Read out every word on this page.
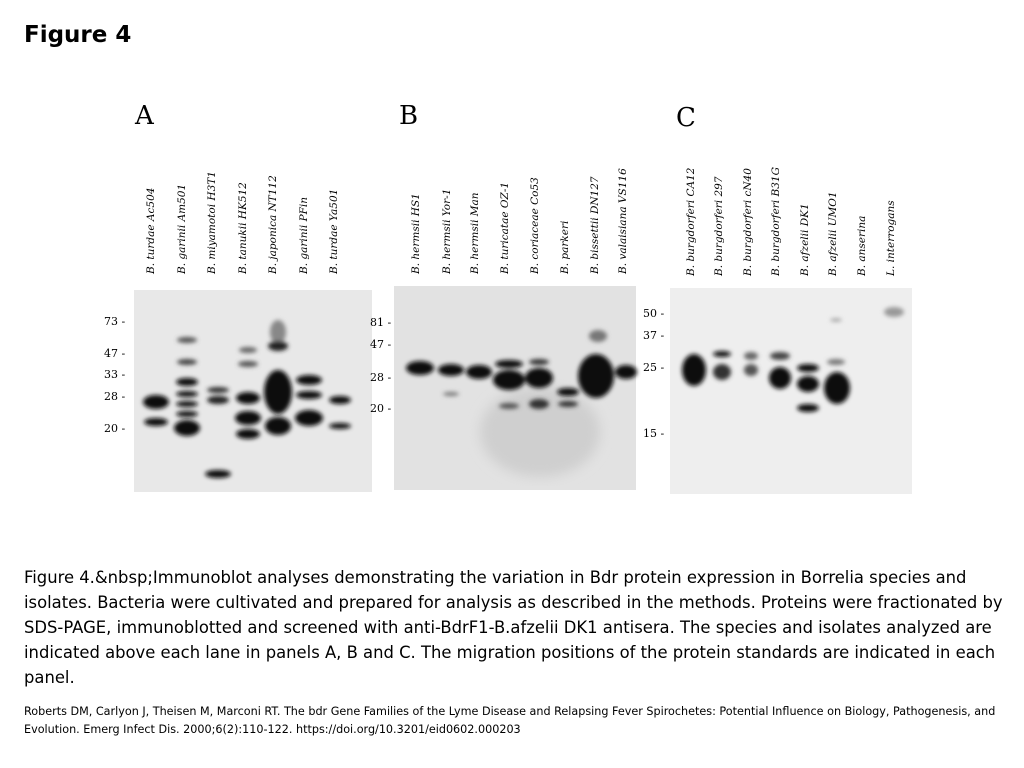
Figure 4
A
B. turdae Ac504 B. garinii Am501 B. miyamotoi H3T1 B. tanukii HK512 B. japonica NT112 B. garinii PFin B. turdae Ya501
73 -
47 -
33 -
28 -
20 -
B
B. hermsii HS1 B. hermsii Yor-1 B. hermsii Man B. turicatae OZ-1 B. coriaceae Co53 B. parkeri B. bissettii DN127 B. valaisiana VS116
81 -
47 -
28 -
20 -
C
B. burgdorferi CA12 B. burgdorferi 297 B. burgdorferi cN40 B. burgdorferi B31G B. afzelii DK1 B. afzelii UMO1 B. anserina L. interrogans
50 -
37 -
25 -
15 -
Figure 4.&nbsp;Immunoblot analyses demonstrating the variation in Bdr protein expression in Borrelia species and isolates. Bacteria were cultivated and prepared for analysis as described in the methods. Proteins were fractionated by SDS-PAGE, immunoblotted and screened with anti-BdrF1-B.afzelii DK1 antisera. The species and isolates analyzed are indicated above each lane in panels A, B and C. The migration positions of the protein standards are indicated in each panel.
Roberts DM, Carlyon J, Theisen M, Marconi RT. The bdr Gene Families of the Lyme Disease and Relapsing Fever Spirochetes: Potential Influence on Biology, Pathogenesis, and Evolution. Emerg Infect Dis. 2000;6(2):110-122. https://doi.org/10.3201/eid0602.000203
